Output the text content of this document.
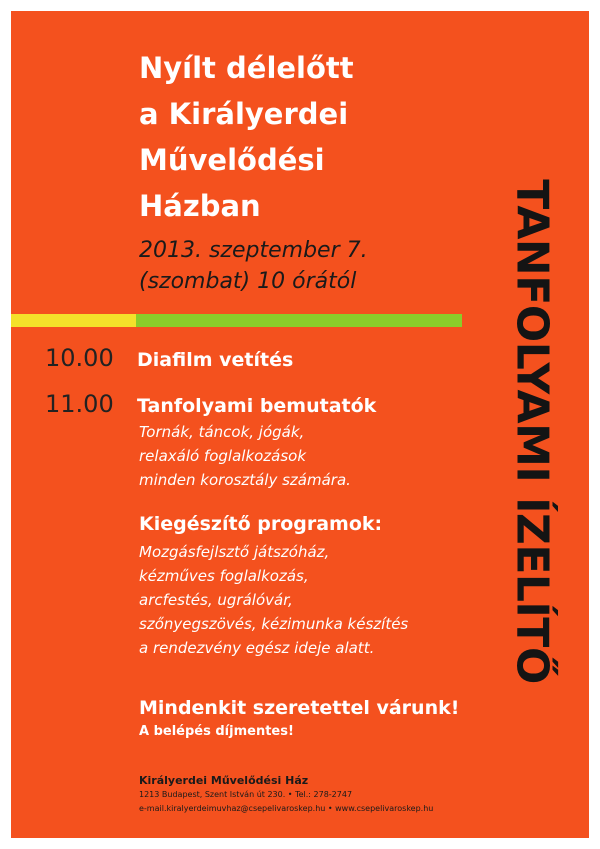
Nyílt délelőtt
a Királyerdei
Művelődési
Házban

2013. szeptember 7.
(szombat) 10 órától	TANFOLYAMI ÍZELÍTŐ
10.00 Diafilm vetítés
11.00 Tanfolyami bemutatók

Tornák, táncok, jógák,
relaxáló foglalkozások
minden korosztály számára.

Kiegészítő programok:

Mozgásfejlsztő játszóház,
kézműves foglalkozás,
arcfestés, ugrálóvár,
szőnyegszövés, kézimunka készítés
a rendezvény egész ideje alatt.

Mindenkit szeretettel várunk!
A belépés díjmentes!
Királyerdei Művelődési Ház
1213 Budapest, Szent István út 230. • Tel.: 278-2747
e-mail.kiralyerdeimuvhaz@csepelivaroskep.hu • www.csepelivaroskep.hu
